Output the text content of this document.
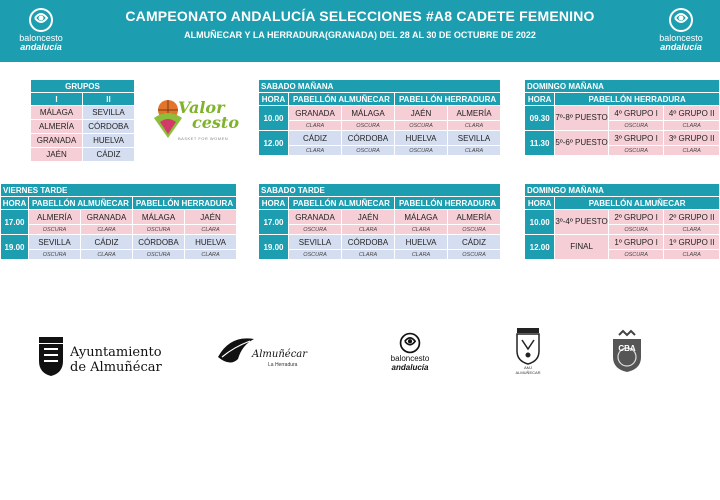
baloncesto
andalucía
CAMPEONATO ANDALUCÍA SELECCIONES #A8 CADETE FEMENINO
ALMUÑECAR Y LA HERRADURA(GRANADA) DEL 28 AL 30 DE OCTUBRE DE 2022	baloncesto
andalucía
GRUPOS	
I	II
MÁLAGA	SEVILLA
ALMERÍA	CÓRDOBA
GRANADA	HUELVA
JAÉN	CÁDIZ
Valor
cesto
BASKET FOR WOMEN
SABADO MAÑANA				
HORA	PABELLÓN ALMUÑECAR		PABELLÓN HERRADURA	
10.00	GRANADA	MÁLAGA	JAÉN	ALMERÍA
	CLARA	OSCURA	OSCURA	CLARA
12.00	CÁDIZ	CÓRDOBA	HUELVA	SEVILLA
	CLARA	OSCURA	OSCURA	CLARA
DOMINGO MAÑANA			
HORA	PABELLÓN HERRADURA		
09.30	7º-8º PUESTO	4º GRUPO I	4º GRUPO II
		OSCURA	CLARA
11.30	5º-6º PUESTO	3º GRUPO I	3º GRUPO II
		OSCURA	CLARA
VIERNES TARDE				
HORA	PABELLÓN ALMUÑECAR		PABELLÓN HERRADURA	
17.00	ALMERÍA	GRANADA	MÁLAGA	JAÉN
	OSCURA	CLARA	OSCURA	CLARA
19.00	SEVILLA	CÁDIZ	CÓRDOBA	HUELVA
	OSCURA	CLARA	OSCURA	CLARA
SABADO TARDE				
HORA	PABELLÓN ALMUÑECAR		PABELLÓN HERRADURA	
17.00	GRANADA	JAÉN	MÁLAGA	ALMERÍA
	OSCURA	CLARA	CLARA	OSCURA
19.00	SEVILLA	CÓRDOBA	HUELVA	CÁDIZ
	OSCURA	CLARA	CLARA	OSCURA
DOMINGO MAÑANA			
HORA	PABELLÓN ALMUÑECAR		
10.00	3º-4º PUESTO	2º GRUPO I	2º GRUPO II
		OSCURA	CLARA
12.00	FINAL	1º GRUPO I	1º GRUPO II
		OSCURA	CLARA
Ayuntamiento
de Almuñécar
Almuñécar
La Herradura
baloncesto
andalucía	AMJ
ALMUÑECAR
CBA
